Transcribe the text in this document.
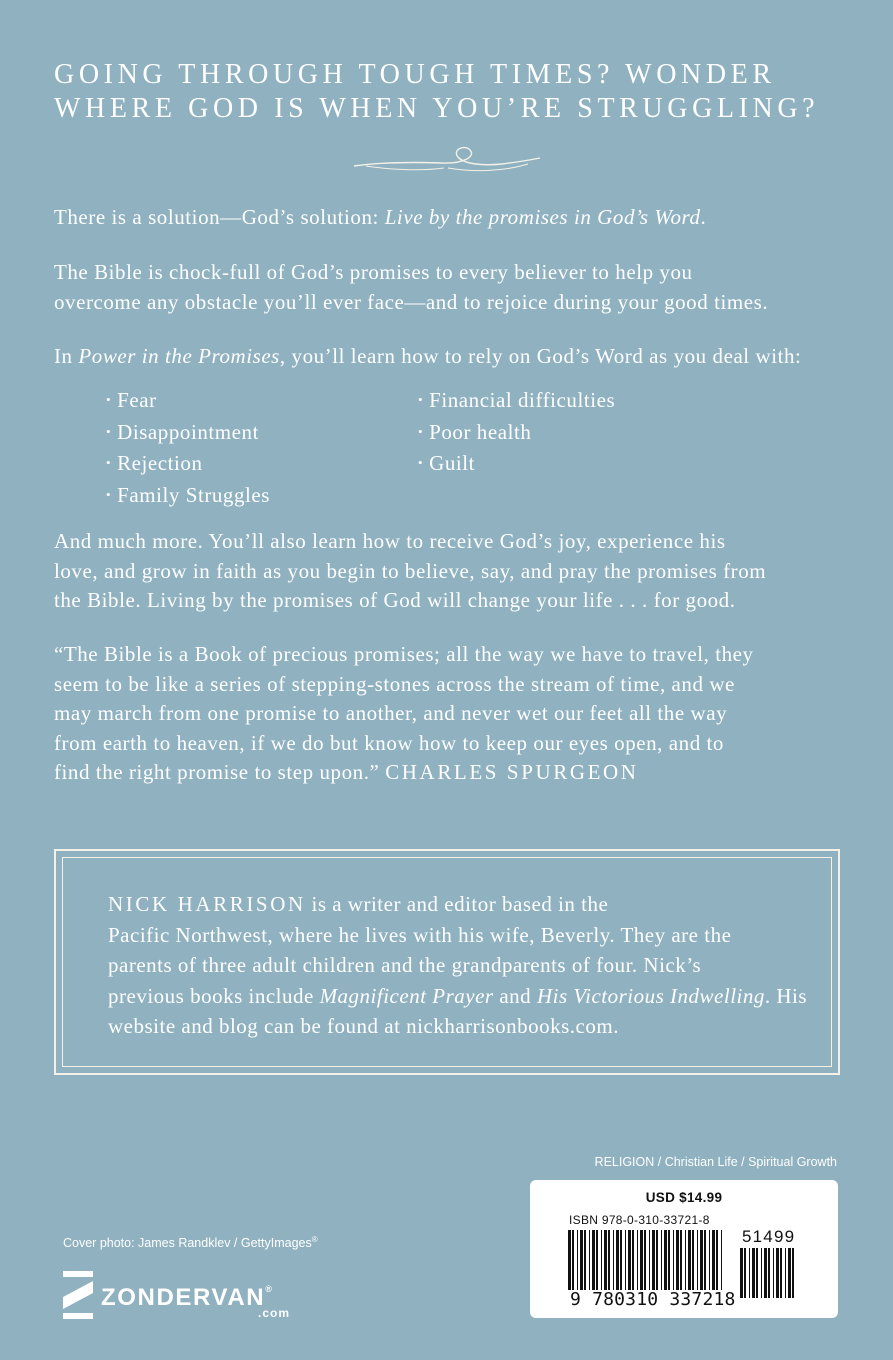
GOING THROUGH TOUGH TIMES? WONDER
WHERE GOD IS WHEN YOU’RE STRUGGLING?

There is a solution—God’s solution: Live by the promises in God’s Word.

The Bible is chock-full of God’s promises to every believer to help you
overcome any obstacle you’ll ever face—and to rejoice during your good times.

In Power in the Promises, you’ll learn how to rely on God’s Word as you deal with:

• Fear
• Disappointment
• Rejection
• Family Struggles
• Financial difficulties
• Poor health
• Guilt

And much more. You’ll also learn how to receive God’s joy, experience his
love, and grow in faith as you begin to believe, say, and pray the promises from
the Bible. Living by the promises of God will change your life . . . for good.

“The Bible is a Book of precious promises; all the way we have to travel, they
seem to be like a series of stepping-stones across the stream of time, and we
may march from one promise to another, and never wet our feet all the way
from earth to heaven, if we do but know how to keep our eyes open, and to
find the right promise to step upon.” CHARLES SPURGEON

NICK HARRISON is a writer and editor based in the
Pacific Northwest, where he lives with his wife, Beverly. They are the
parents of three adult children and the grandparents of four. Nick’s
previous books include Magnificent Prayer and His Victorious Indwelling. His
website and blog can be found at nickharrisonbooks.com.

RELIGION / Christian Life / Spiritual Growth
Cover photo: James Randklev / GettyImages®
ZONDERVAN®
.com
USD $14.99
ISBN 978-0-310-33721-8
51499
9 780310 337218
